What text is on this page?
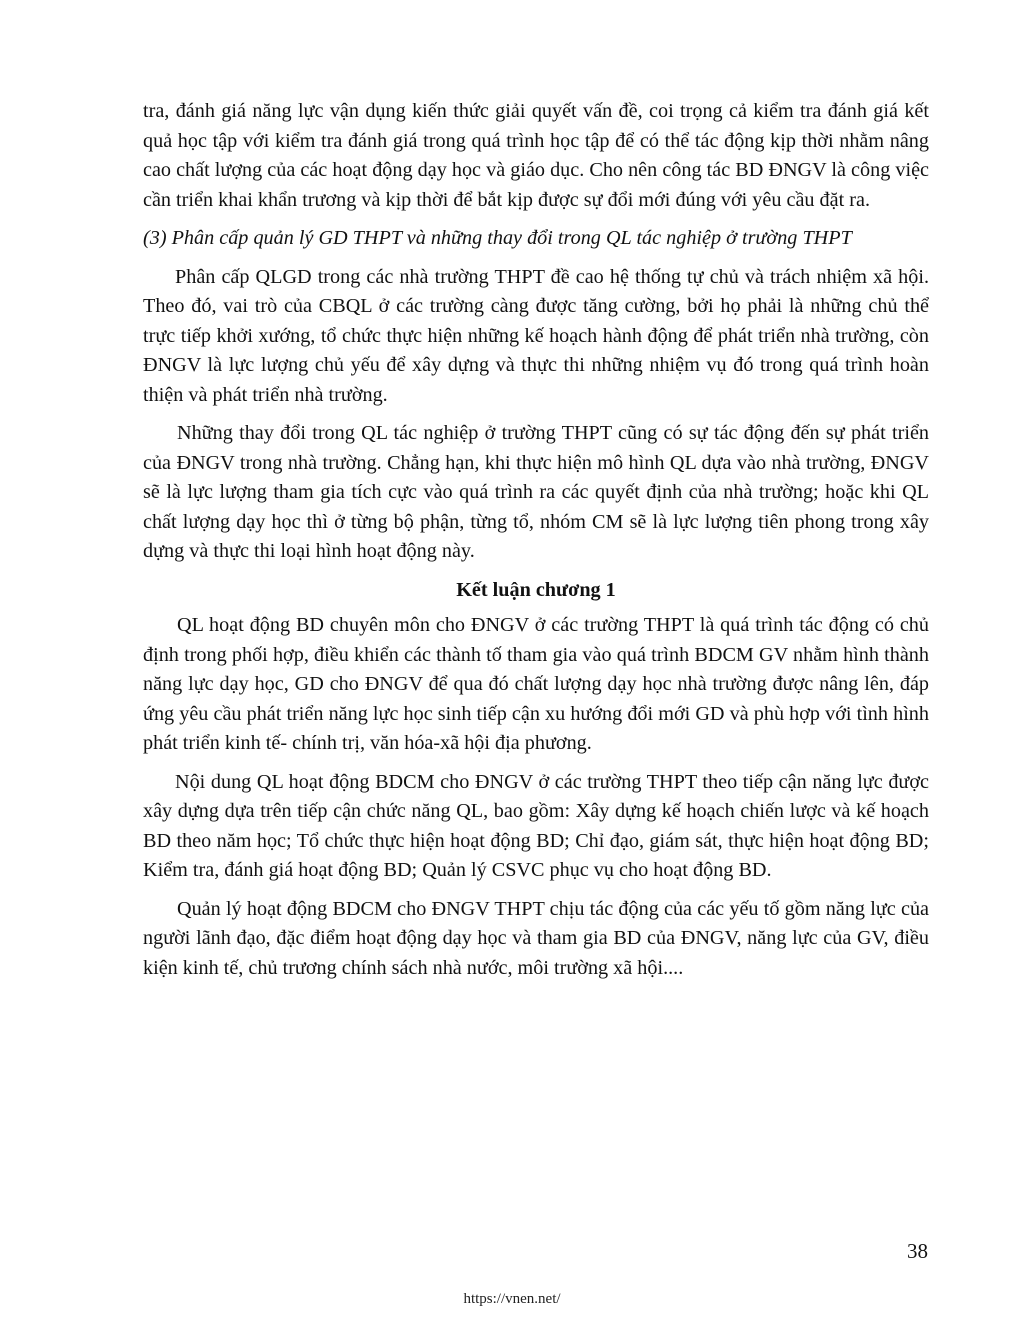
tra, đánh giá năng lực vận dụng kiến thức giải quyết vấn đề, coi trọng cả kiểm tra đánh giá kết quả học tập với kiểm tra đánh giá trong quá trình học tập để có thể tác động kịp thời nhằm nâng cao chất lượng của các hoạt động dạy học và giáo dục. Cho nên công tác BD ĐNGV là công việc cần triển khai khẩn trương và kịp thời để bắt kịp được sự đổi mới đúng với yêu cầu đặt ra.

(3) Phân cấp quản lý GD THPT và những thay đổi trong QL tác nghiệp ở trường THPT

Phân cấp QLGD trong các nhà trường THPT đề cao hệ thống tự chủ và trách nhiệm xã hội. Theo đó, vai trò của CBQL ở các trường càng được tăng cường, bởi họ phải là những chủ thể trực tiếp khởi xướng, tổ chức thực hiện những kế hoạch hành động để phát triển nhà trường, còn ĐNGV là lực lượng chủ yếu để xây dựng và thực thi những nhiệm vụ đó trong quá trình hoàn thiện và phát triển nhà trường.

Những thay đổi trong QL tác nghiệp ở trường THPT cũng có sự tác động đến sự phát triển của ĐNGV trong nhà trường. Chẳng hạn, khi thực hiện mô hình QL dựa vào nhà trường, ĐNGV sẽ là lực lượng tham gia tích cực vào quá trình ra các quyết định của nhà trường; hoặc khi QL chất lượng dạy học thì ở từng bộ phận, từng tổ, nhóm CM sẽ là lực lượng tiên phong trong xây dựng và thực thi loại hình hoạt động này.

Kết luận chương 1

QL hoạt động BD chuyên môn cho ĐNGV ở các trường THPT là quá trình tác động có chủ định trong phối hợp, điều khiển các thành tố tham gia vào quá trình BDCM GV nhằm hình thành năng lực dạy học, GD cho ĐNGV để qua đó chất lượng dạy học nhà trường được nâng lên, đáp ứng yêu cầu phát triển năng lực học sinh tiếp cận xu hướng đổi mới GD và phù hợp với tình hình phát triển kinh tế- chính trị, văn hóa-xã hội địa phương.

Nội dung QL hoạt động BDCM cho ĐNGV ở các trường THPT theo tiếp cận năng lực được xây dựng dựa trên tiếp cận chức năng QL, bao gồm: Xây dựng kế hoạch chiến lược và kế hoạch BD theo năm học; Tổ chức thực hiện hoạt động BD; Chỉ đạo, giám sát, thực hiện hoạt động BD; Kiểm tra, đánh giá hoạt động BD; Quản lý CSVC phục vụ cho hoạt động BD.

Quản lý hoạt động BDCM cho ĐNGV THPT chịu tác động của các yếu tố gồm năng lực của người lãnh đạo, đặc điểm hoạt động dạy học và tham gia BD của ĐNGV, năng lực của GV, điều kiện kinh tế, chủ trương chính sách nhà nước, môi trường xã hội....

38
https://vnen.net/
